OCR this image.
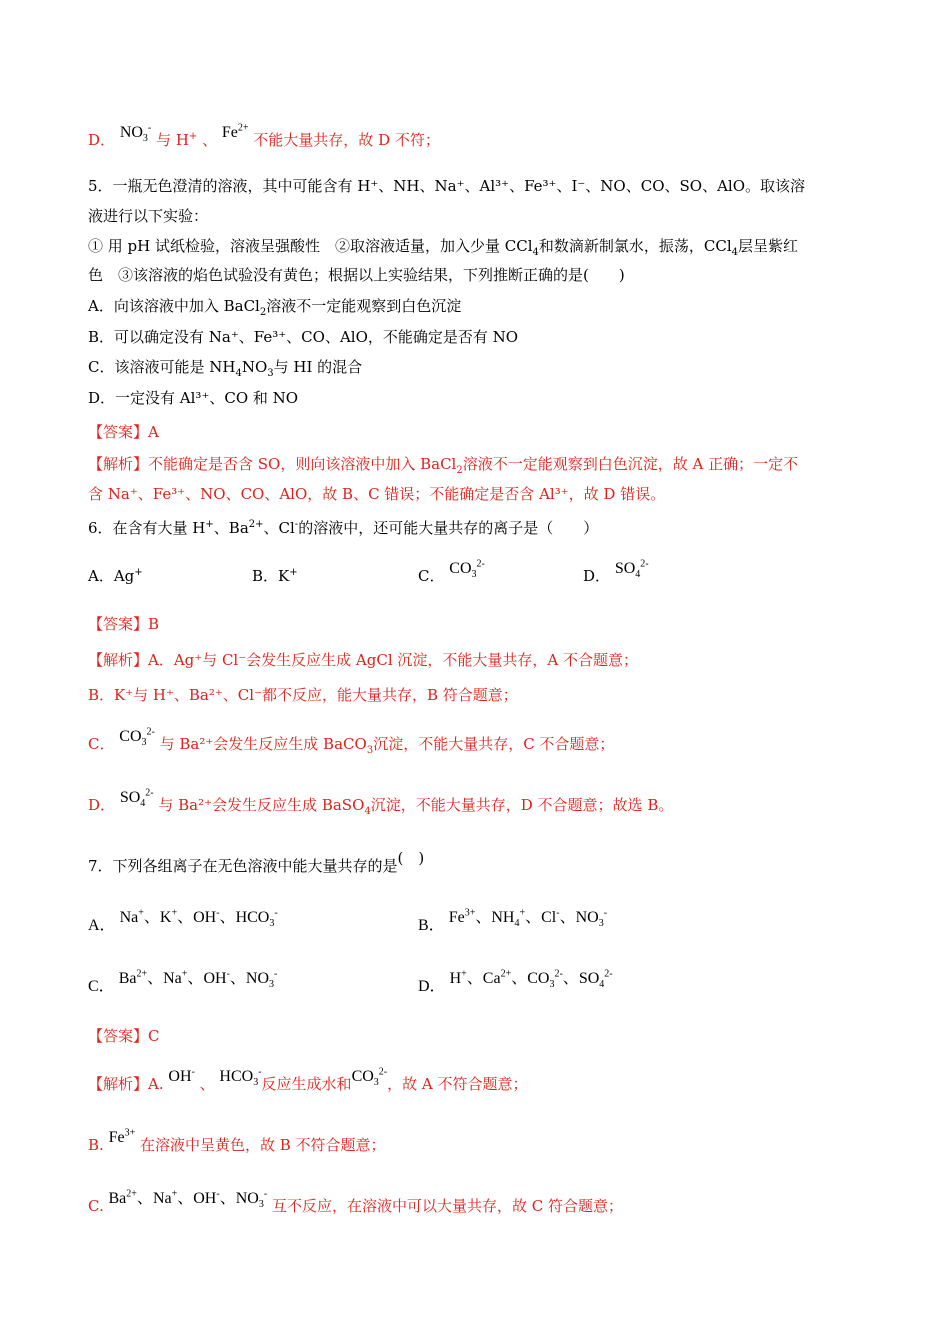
D． $NO_3^-$ 与 H+ 、 $Fe^{2+}$ 不能大量共存，故 D 不符；
5．一瓶无色澄清的溶液，其中可能含有 H⁺、NH、Na⁺、Al³⁺、Fe³⁺、I⁻、NO、CO、SO、AlO。取该溶
液进行以下实验：
① 用 pH 试纸检验，溶液呈强酸性　②取溶液适量，加入少量 CCl$_4$和数滴新制氯水，振荡，CCl$_4$层呈紫红
色　③该溶液的焰色试验没有黄色；根据以上实验结果，下列推断正确的是(　　)
A．向该溶液中加入 BaCl$_2$溶液不一定能观察到白色沉淀
B．可以确定没有 Na⁺、Fe³⁺、CO、AlO，不能确定是否有 NO
C．该溶液可能是 $NH_4NO_3$与 HI 的混合
D．一定没有 Al³⁺、CO 和 NO
【答案】A
【解析】不能确定是否含 SO，则向该溶液中加入 BaCl$_2$溶液不一定能观察到白色沉淀，故 A 正确；一定不
含 Na⁺、Fe³⁺、NO、CO、AlO，故 B、C 错误；不能确定是否含 Al³⁺，故 D 错误。
6．在含有大量 H+、$Ba^{2+}$、Cl-的溶液中，还可能大量共存的离子是（　　）
A．Ag+	B．K+	C． $CO_3^{2-}$
D． $SO_4^{2-}$
【答案】B
【解析】A．Ag⁺与 Cl⁻会发生反应生成 AgCl 沉淀，不能大量共存，A 不合题意；
B．K⁺与 H⁺、Ba²⁺、Cl⁻都不反应，能大量共存，B 符合题意；
C． $CO_3^{2-}$ 与 Ba²⁺会发生反应生成 BaCO$_3$沉淀，不能大量共存，C 不合题意；
D． $SO_4^{2-}$ 与 Ba²⁺会发生反应生成 BaSO$_4$沉淀，不能大量共存，D 不合题意；故选 B。
7．下列各组离子在无色溶液中能大量共存的是(　)
A． Na+、K+、OH-、$HCO_3^-$
B． $Fe^{3+}$、$NH_4^+$、Cl-、$NO_3^-$
C． $Ba^{2+}$、Na+、OH-、$NO_3^-$
D． H+、$Ca^{2+}$、$CO_3^{2-}$、$SO_4^{2-}$
【答案】C
【解析】A. OH- 、 $HCO_3^-$反应生成水和$CO_3^{2-}$，故 A 不符合题意；
B. $Fe^{3+}$ 在溶液中呈黄色，故 B 不符合题意；
C. $Ba^{2+}$、Na+、OH-、$NO_3^-$ 互不反应，在溶液中可以大量共存，故 C 符合题意；
